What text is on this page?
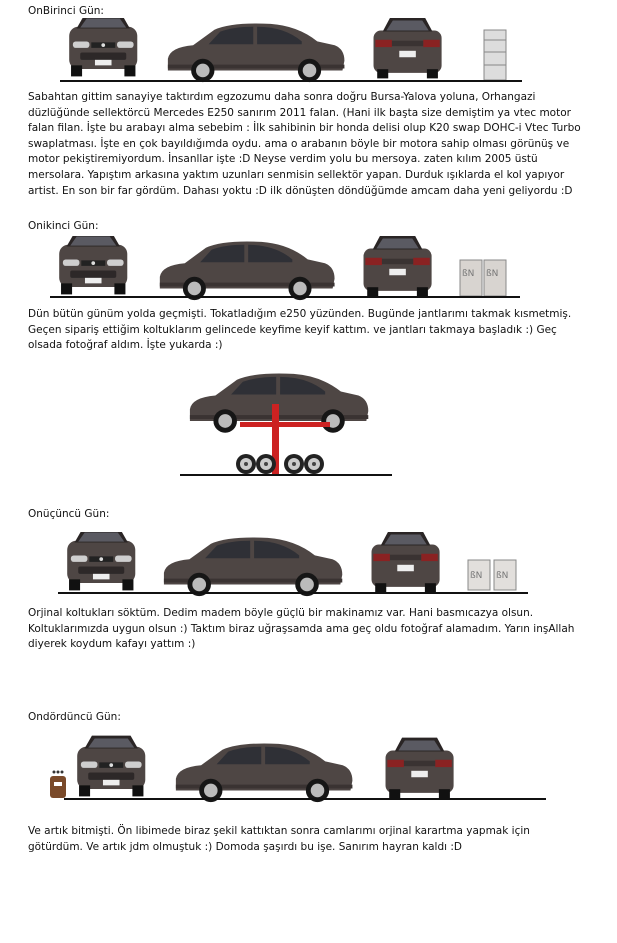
OnBirinci Gün:

Sabahtan gittim sanayiye taktırdım egzozumu daha sonra doğru Bursa-Yalova yoluna, Orhangazi düzlüğünde sellektörcü Mercedes E250 sanırım 2011 falan. (Hani ilk başta size demiştim ya vtec motor falan filan. İşte bu arabayı alma sebebim : İlk sahibinin bir honda delisi olup K20 swap DOHC-i Vtec Turbo swaplatması. İşte en çok bayıldığımda oydu. ama o arabanın böyle bir motora sahip olması görünüş ve motor pekiştiremiyordum. İnsanllar işte :D Neyse verdim yolu bu mersoya. zaten kılım 2005 üstü mersolara. Yapıştım arkasına yaktım uzunları senmisin sellektör yapan. Durduk ışıklarda el kol yapıyor artist. En son bir far gördüm. Dahası yoktu :D ilk dönüşten döndüğümde amcam daha yeni geliyordu :D

Onikinci Gün:
ßN ßN

Dün bütün günüm yolda geçmişti. Tokatladığım e250 yüzünden. Bugünde jantlarımı takmak kısmetmiş. Geçen sipariş ettiğim koltuklarım gelincede keyfime keyif kattım. ve jantları takmaya başladık :) Geç olsada fotoğraf aldım. İşte yukarda :)

Onüçüncü Gün:
ßN ßN

Orjinal koltukları söktüm. Dedim madem böyle güçlü bir makinamız var. Hani basmıcazya olsun. Koltuklarımızda uygun olsun :) Taktım biraz uğraşsamda ama geç oldu fotoğraf alamadım. Yarın inşAllah diyerek koydum kafayı yattım :)

Ondördüncü Gün:

Ve artık bitmişti. Ön libimede biraz şekil kattıktan sonra camlarımı orjinal karartma yapmak için götürdüm. Ve artık jdm olmuştuk :) Domoda şaşırdı bu işe. Sanırım hayran kaldı :D
